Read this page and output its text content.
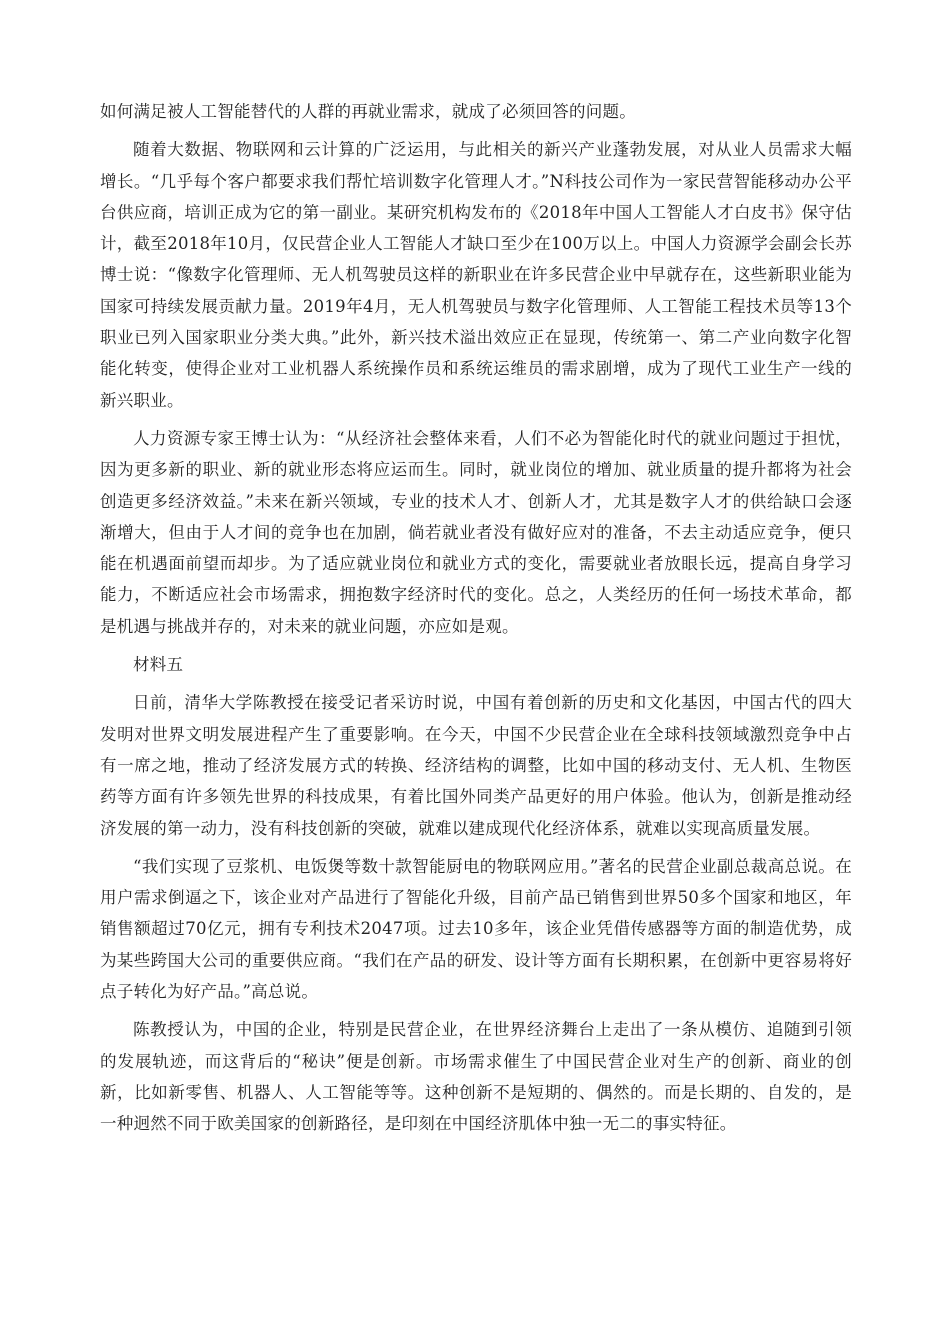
如何满足被人工智能替代的人群的再就业需求，就成了必须回答的问题。

随着大数据、物联网和云计算的广泛运用，与此相关的新兴产业蓬勃发展，对从业人员需求大幅增长。“几乎每个客户都要求我们帮忙培训数字化管理人才。”N科技公司作为一家民营智能移动办公平台供应商，培训正成为它的第一副业。某研究机构发布的《2018年中国人工智能人才白皮书》保守估计，截至2018年10月，仅民营企业人工智能人才缺口至少在100万以上。中国人力资源学会副会长苏博士说：“像数字化管理师、无人机驾驶员这样的新职业在许多民营企业中早就存在，这些新职业能为国家可持续发展贡献力量。2019年4月，无人机驾驶员与数字化管理师、人工智能工程技术员等13个职业已列入国家职业分类大典。”此外，新兴技术溢出效应正在显现，传统第一、第二产业向数字化智能化转变，使得企业对工业机器人系统操作员和系统运维员的需求剧增，成为了现代工业生产一线的新兴职业。

人力资源专家王博士认为：“从经济社会整体来看，人们不必为智能化时代的就业问题过于担忧，因为更多新的职业、新的就业形态将应运而生。同时，就业岗位的增加、就业质量的提升都将为社会创造更多经济效益。”未来在新兴领域，专业的技术人才、创新人才，尤其是数字人才的供给缺口会逐渐增大，但由于人才间的竞争也在加剧，倘若就业者没有做好应对的准备，不去主动适应竞争，便只能在机遇面前望而却步。为了适应就业岗位和就业方式的变化，需要就业者放眼长远，提高自身学习能力，不断适应社会市场需求，拥抱数字经济时代的变化。总之，人类经历的任何一场技术革命，都是机遇与挑战并存的，对未来的就业问题，亦应如是观。

材料五

日前，清华大学陈教授在接受记者采访时说，中国有着创新的历史和文化基因，中国古代的四大发明对世界文明发展进程产生了重要影响。在今天，中国不少民营企业在全球科技领域激烈竞争中占有一席之地，推动了经济发展方式的转换、经济结构的调整，比如中国的移动支付、无人机、生物医药等方面有许多领先世界的科技成果，有着比国外同类产品更好的用户体验。他认为，创新是推动经济发展的第一动力，没有科技创新的突破，就难以建成现代化经济体系，就难以实现高质量发展。

“我们实现了豆浆机、电饭煲等数十款智能厨电的物联网应用。”著名的民营企业副总裁高总说。在用户需求倒逼之下，该企业对产品进行了智能化升级，目前产品已销售到世界50多个国家和地区，年销售额超过70亿元，拥有专利技术2047项。过去10多年，该企业凭借传感器等方面的制造优势，成为某些跨国大公司的重要供应商。“我们在产品的研发、设计等方面有长期积累，在创新中更容易将好点子转化为好产品。”高总说。

陈教授认为，中国的企业，特别是民营企业，在世界经济舞台上走出了一条从模仿、追随到引领的发展轨迹，而这背后的“秘诀”便是创新。市场需求催生了中国民营企业对生产的创新、商业的创新，比如新零售、机器人、人工智能等等。这种创新不是短期的、偶然的。而是长期的、自发的，是一种迥然不同于欧美国家的创新路径，是印刻在中国经济肌体中独一无二的事实特征。
